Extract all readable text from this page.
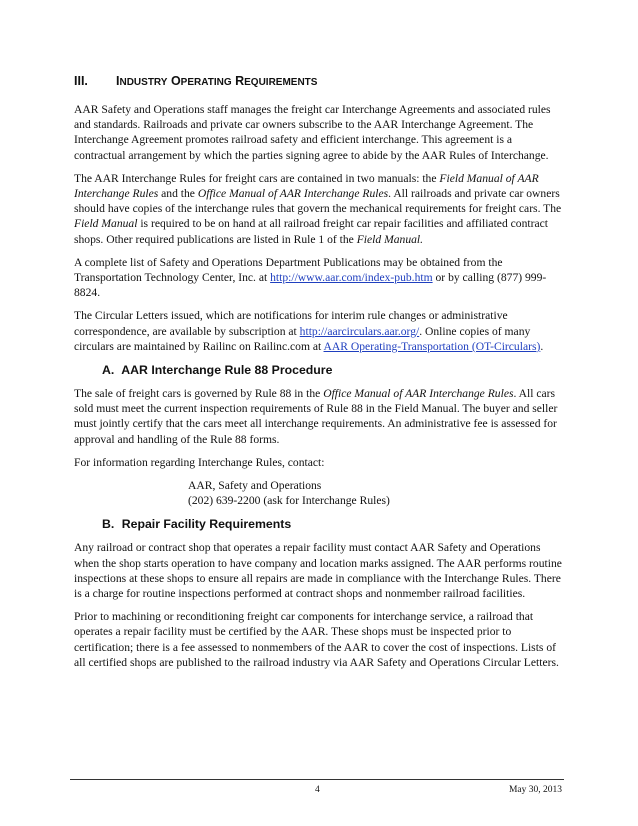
III. INDUSTRY OPERATING REQUIREMENTS

AAR Safety and Operations staff manages the freight car Interchange Agreements and associated rules and standards. Railroads and private car owners subscribe to the AAR Interchange Agreement. The Interchange Agreement promotes railroad safety and efficient interchange. This agreement is a contractual arrangement by which the parties signing agree to abide by the AAR Rules of Interchange.

The AAR Interchange Rules for freight cars are contained in two manuals: the Field Manual of AAR Interchange Rules and the Office Manual of AAR Interchange Rules. All railroads and private car owners should have copies of the interchange rules that govern the mechanical requirements for freight cars. The Field Manual is required to be on hand at all railroad freight car repair facilities and affiliated contract shops. Other required publications are listed in Rule 1 of the Field Manual.

A complete list of Safety and Operations Department Publications may be obtained from the Transportation Technology Center, Inc. at http://www.aar.com/index-pub.htm or by calling (877) 999-8824.

The Circular Letters issued, which are notifications for interim rule changes or administrative correspondence, are available by subscription at http://aarcirculars.aar.org/. Online copies of many circulars are maintained by Railinc on Railinc.com at AAR Operating-Transportation (OT-Circulars).

A. AAR Interchange Rule 88 Procedure

The sale of freight cars is governed by Rule 88 in the Office Manual of AAR Interchange Rules. All cars sold must meet the current inspection requirements of Rule 88 in the Field Manual. The buyer and seller must jointly certify that the cars meet all interchange requirements. An administrative fee is assessed for approval and handling of the Rule 88 forms.

For information regarding Interchange Rules, contact:

AAR, Safety and Operations
(202) 639-2200 (ask for Interchange Rules)
B. Repair Facility Requirements

Any railroad or contract shop that operates a repair facility must contact AAR Safety and Operations when the shop starts operation to have company and location marks assigned. The AAR performs routine inspections at these shops to ensure all repairs are made in compliance with the Interchange Rules. There is a charge for routine inspections performed at contract shops and nonmember railroad facilities.

Prior to machining or reconditioning freight car components for interchange service, a railroad that operates a repair facility must be certified by the AAR. These shops must be inspected prior to certification; there is a fee assessed to nonmembers of the AAR to cover the cost of inspections. Lists of all certified shops are published to the railroad industry via AAR Safety and Operations Circular Letters.

4	May 30, 2013
